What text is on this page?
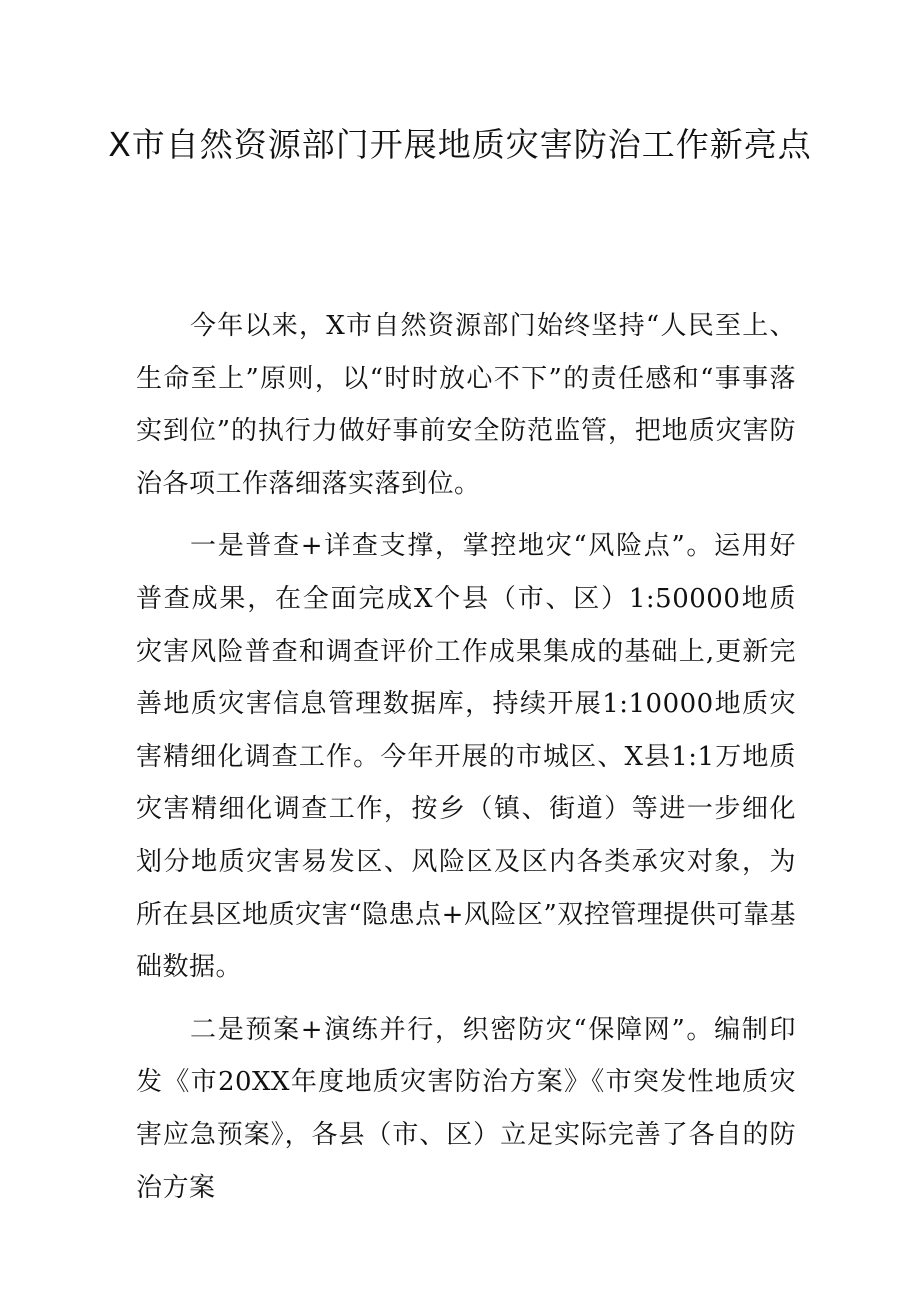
X市自然资源部门开展地质灾害防治工作新亮点

今年以来，X市自然资源部门始终坚持“人民至上、生命至上”原则，以“时时放心不下”的责任感和“事事落实到位”的执行力做好事前安全防范监管，把地质灾害防治各项工作落细落实落到位。

一是普查+详查支撑，掌控地灾“风险点”。运用好普查成果，在全面完成X个县（市、区）1:50000地质灾害风险普查和调查评价工作成果集成的基础上,更新完善地质灾害信息管理数据库，持续开展1:10000地质灾害精细化调查工作。今年开展的市城区、X县1:1万地质灾害精细化调查工作，按乡（镇、街道）等进一步细化划分地质灾害易发区、风险区及区内各类承灾对象，为所在县区地质灾害“隐患点+风险区”双控管理提供可靠基础数据。

二是预案+演练并行，织密防灾“保障网”。编制印发《市20XX年度地质灾害防治方案》《市突发性地质灾害应急预案》，各县（市、区）立足实际完善了各自的防治方案
